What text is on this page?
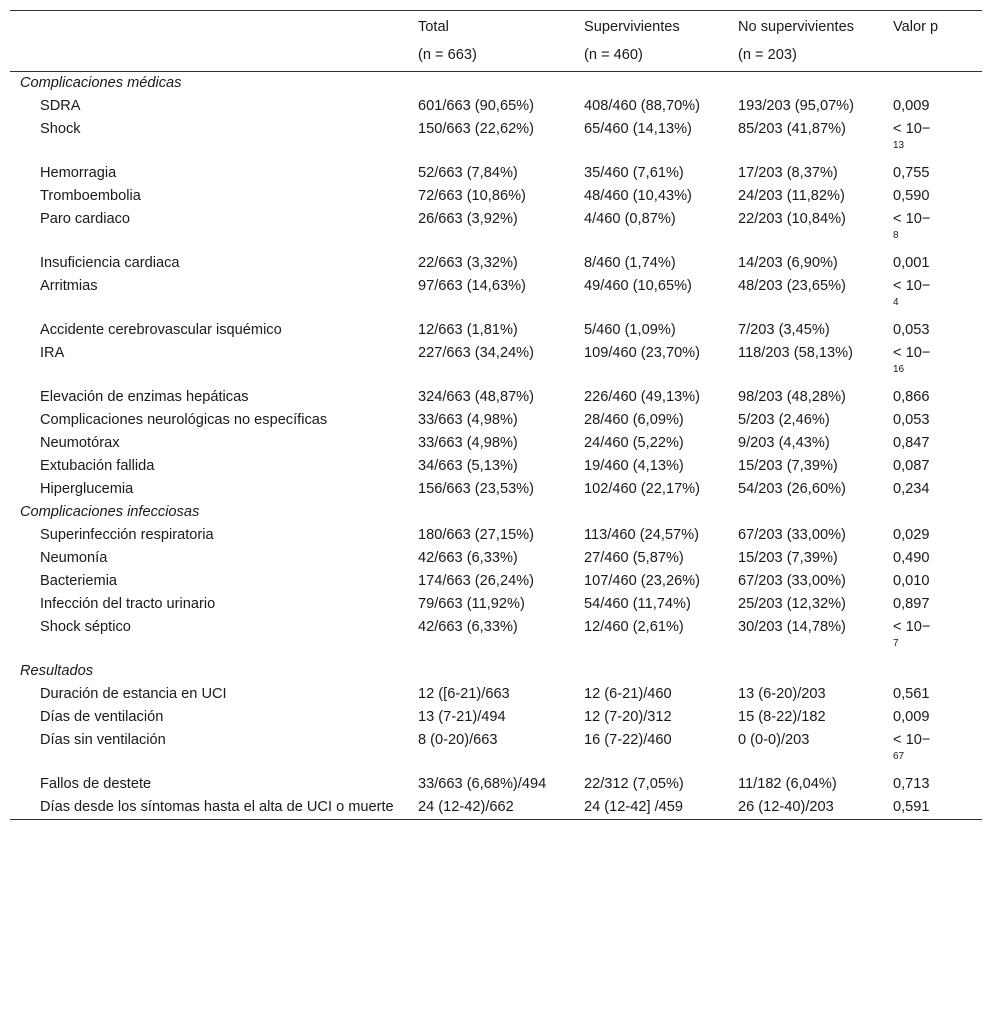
	Total	Supervivientes	No supervivientes	Valor p
	(n = 663)	(n = 460)	(n = 203)	
Complicaciones médicas				
SDRA	601/663 (90,65%)	408/460 (88,70%)	193/203 (95,07%)	0,009
Shock	150/663 (22,62%)	65/460 (14,13%)	85/203 (41,87%)	< 10−
$^{13}$
Hemorragia	52/663 (7,84%)	35/460 (7,61%)	17/203 (8,37%)	0,755
Tromboembolia	72/663 (10,86%)	48/460 (10,43%)	24/203 (11,82%)	0,590
Paro cardiaco	26/663 (3,92%)	4/460 (0,87%)	22/203 (10,84%)	< 10−
$^8$
Insuficiencia cardiaca	22/663 (3,32%)	8/460 (1,74%)	14/203 (6,90%)	0,001
Arritmias	97/663 (14,63%)	49/460 (10,65%)	48/203 (23,65%)	< 10−
$^4$
Accidente cerebrovascular isquémico	12/663 (1,81%)	5/460 (1,09%)	7/203 (3,45%)	0,053
IRA	227/663 (34,24%)	109/460 (23,70%)	118/203 (58,13%)	< 10−
$^{16}$
Elevación de enzimas hepáticas	324/663 (48,87%)	226/460 (49,13%)	98/203 (48,28%)	0,866
Complicaciones neurológicas no específicas	33/663 (4,98%)	28/460 (6,09%)	5/203 (2,46%)	0,053
Neumotórax	33/663 (4,98%)	24/460 (5,22%)	9/203 (4,43%)	0,847
Extubación fallida	34/663 (5,13%)	19/460 (4,13%)	15/203 (7,39%)	0,087
Hiperglucemia	156/663 (23,53%)	102/460 (22,17%)	54/203 (26,60%)	0,234
Complicaciones infecciosas				
Superinfección respiratoria	180/663 (27,15%)	113/460 (24,57%)	67/203 (33,00%)	0,029
Neumonía	42/663 (6,33%)	27/460 (5,87%)	15/203 (7,39%)	0,490
Bacteriemia	174/663 (26,24%)	107/460 (23,26%)	67/203 (33,00%)	0,010
Infección del tracto urinario	79/663 (11,92%)	54/460 (11,74%)	25/203 (12,32%)	0,897
Shock séptico	42/663 (6,33%)	12/460 (2,61%)	30/203 (14,78%)	< 10−
$^7$
Resultados				
Duración de estancia en UCI	12 ([6-21)/663	12 (6-21)/460	13 (6-20)/203	0,561
Días de ventilación	13 (7-21)/494	12 (7-20)/312	15 (8-22)/182	0,009
Días sin ventilación	8 (0-20)/663	16 (7-22)/460	0 (0-0)/203	< 10−
$^{67}$
Fallos de destete	33/663 (6,68%)/494	22/312 (7,05%)	11/182 (6,04%)	0,713
Días desde los síntomas hasta el alta de UCI o muerte	24 (12-42)/662	24 (12-42] /459	26 (12-40)/203	0,591
